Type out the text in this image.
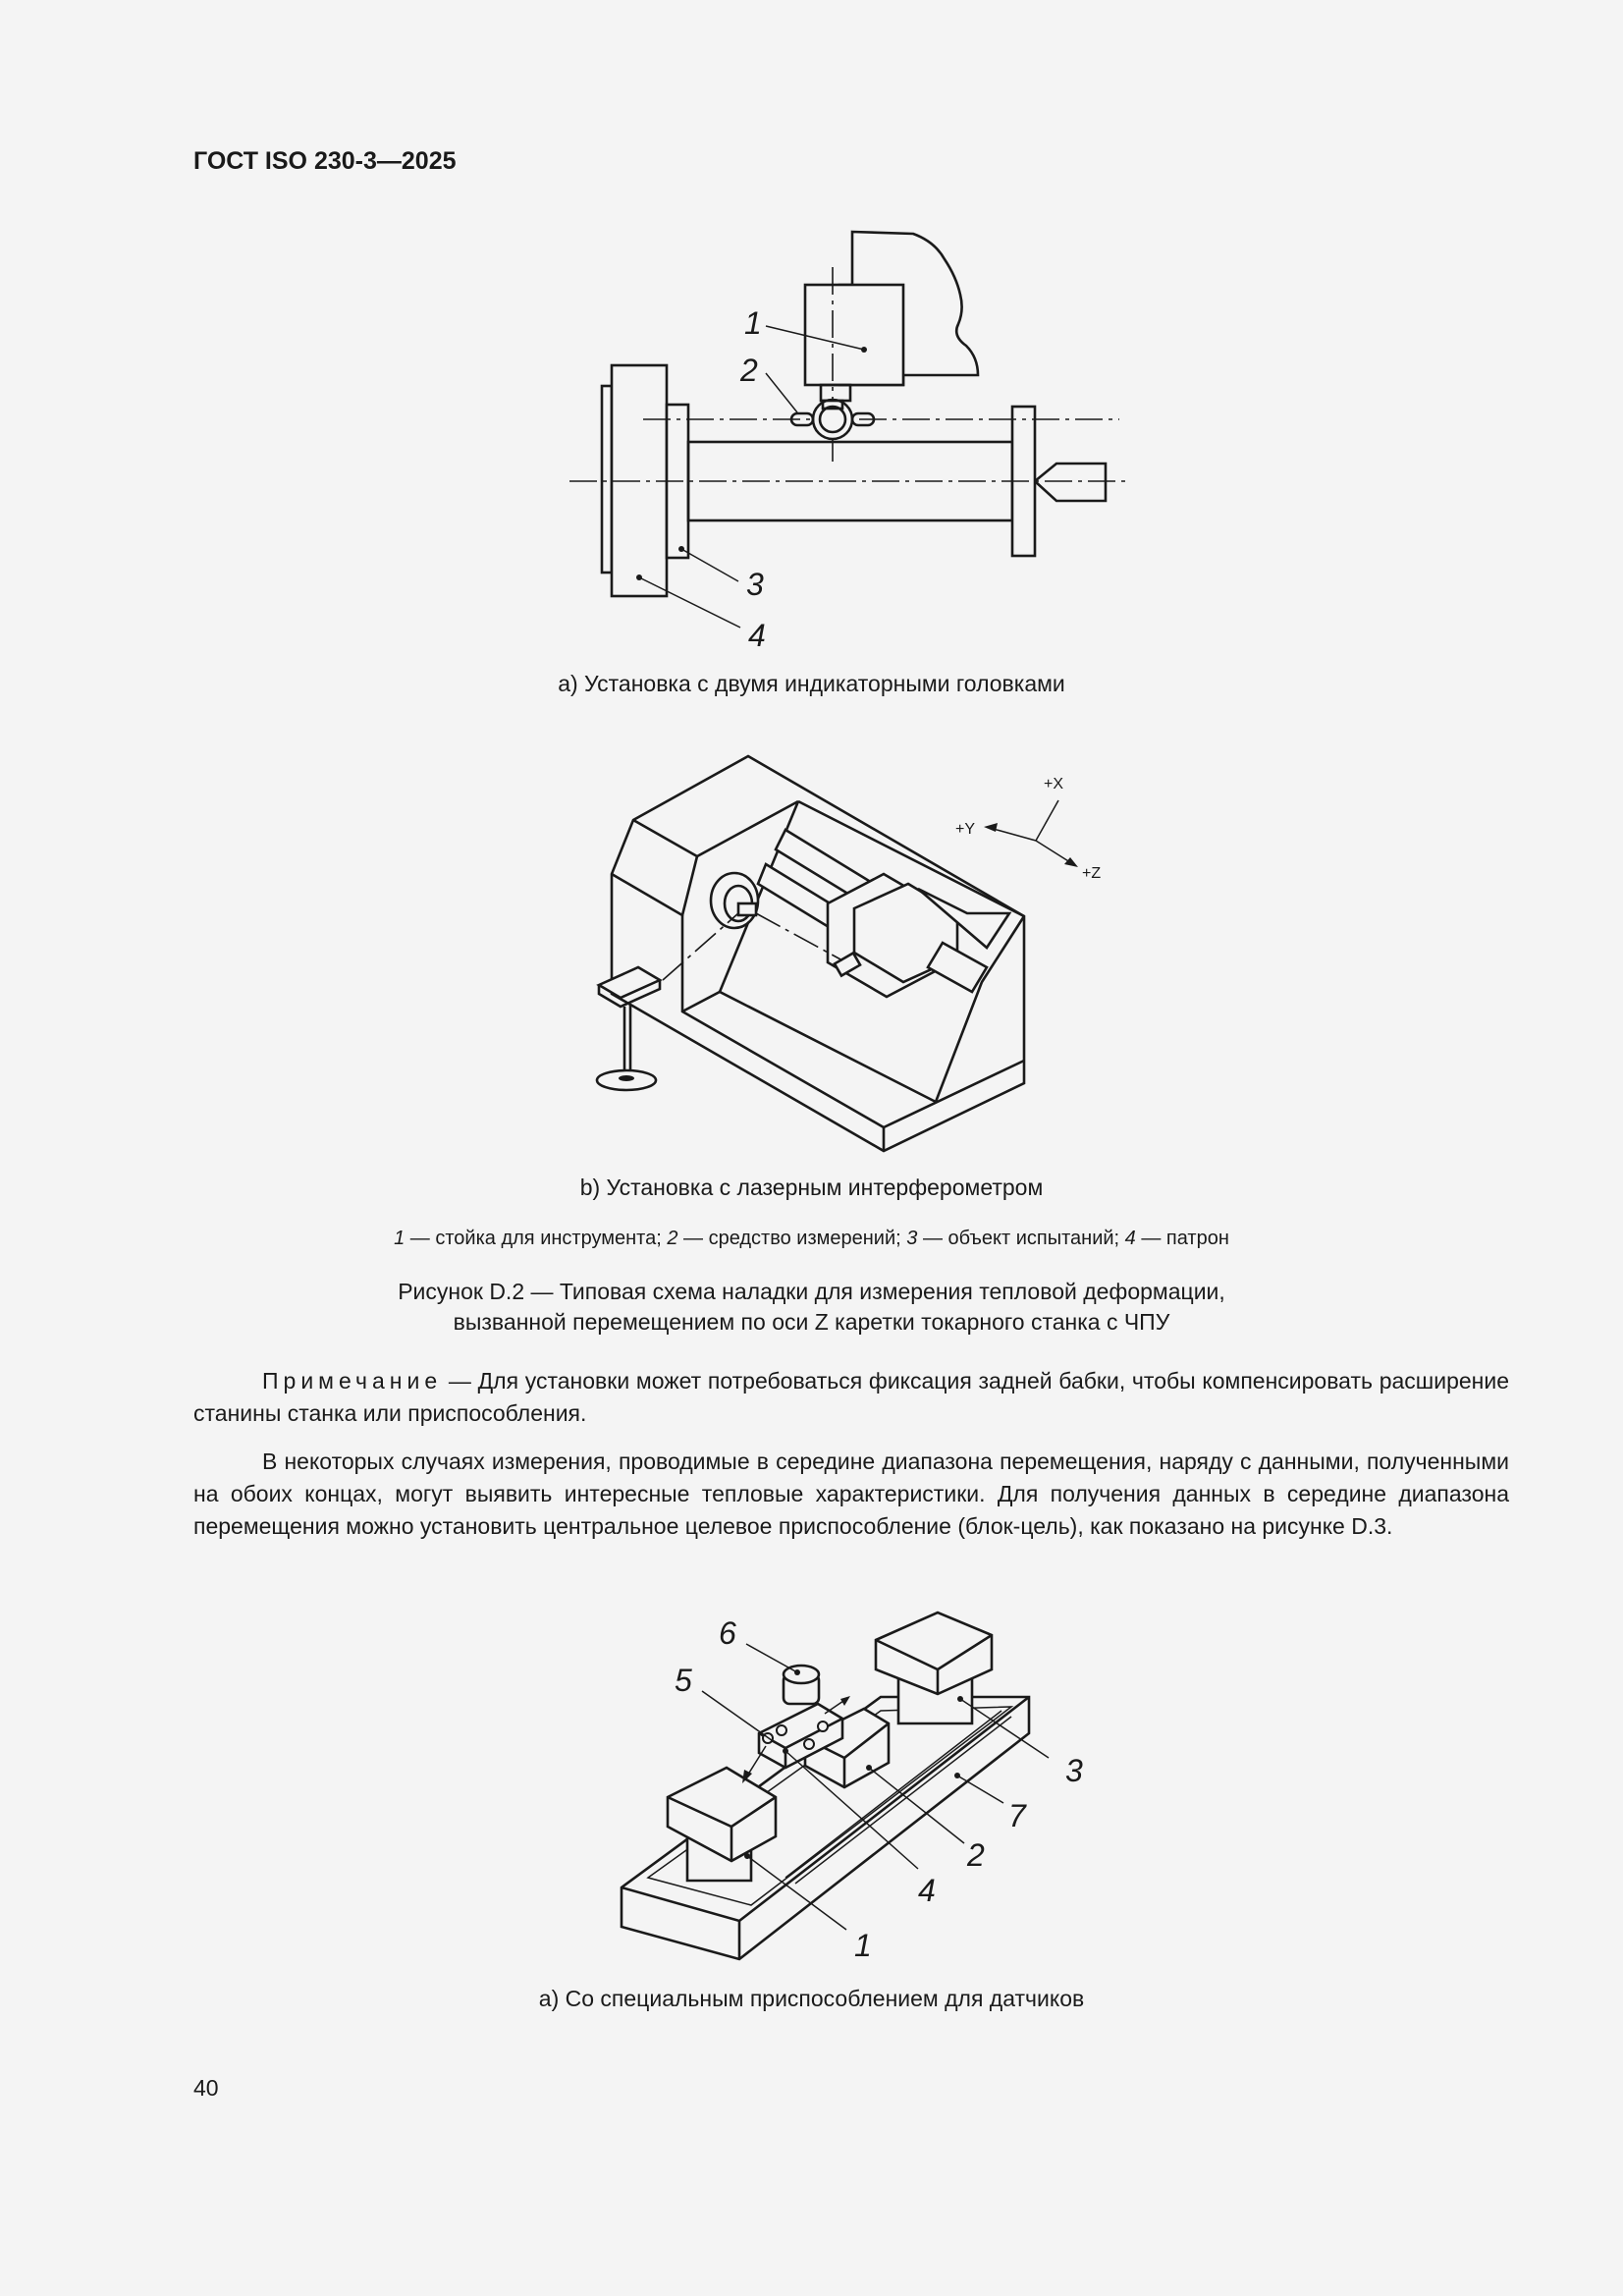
ГОСТ ISO 230-3—2025
1
2
3
4
а) Установка с двумя индикаторными головками
+X
+Y
+Z
b) Установка с лазерным интерферометром
1 — стойка для инструмента; 2 — средство измерений; 3 — объект испытаний; 4 — патрон
Рисунок D.2 — Типовая схема наладки для измерения тепловой деформации,
вызванной перемещением по оси Z каретки токарного станка с ЧПУ
Примечание — Для установки может потребоваться фиксация задней бабки, чтобы компенсировать расширение станины станка или приспособления.
В некоторых случаях измерения, проводимые в середине диапазона перемещения, наряду с данными, полученными на обоих концах, могут выявить интересные тепловые характеристики. Для получения данных в середине диапазона перемещения можно установить центральное целевое приспособление (блок-цель), как показано на рисунке D.3.
1
2
3
4
5
6
7
а) Со специальным приспособлением для датчиков
40
